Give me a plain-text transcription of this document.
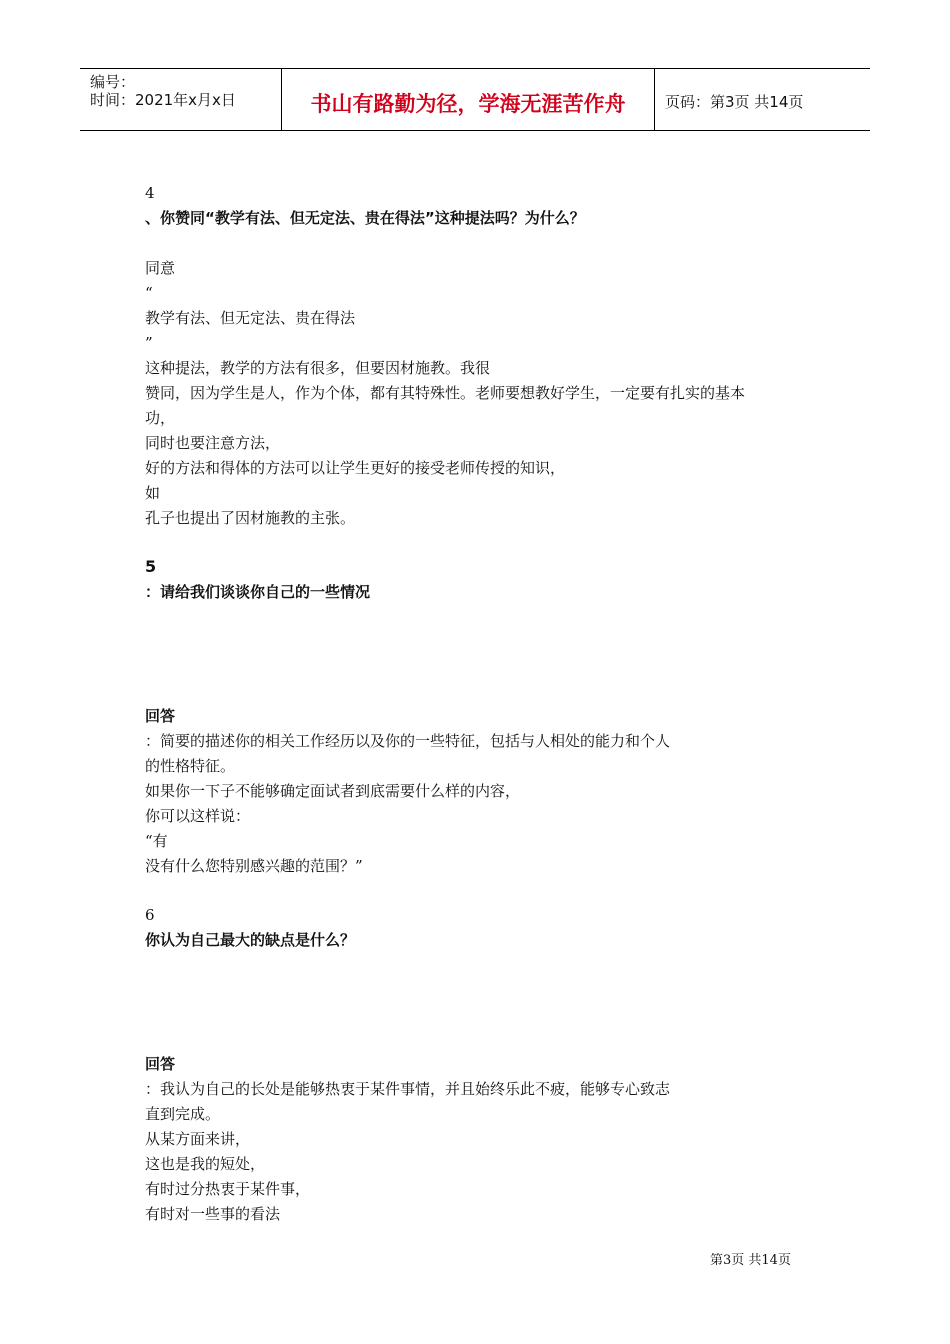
编号：
时间：2021年x月x日	书山有路勤为径，学海无涯苦作舟	页码：第3页 共14页
4
、你赞同“教学有法、但无定法、贵在得法”这种提法吗？为什么？
同意
“
教学有法、但无定法、贵在得法
”
这种提法，教学的方法有很多，但要因材施教。我很
赞同，因为学生是人，作为个体，都有其特殊性。老师要想教好学生，一定要有扎实的基本
功，
同时也要注意方法，
好的方法和得体的方法可以让学生更好的接受老师传授的知识，
如
孔子也提出了因材施教的主张。
5
：请给我们谈谈你自己的一些情况
回答
：简要的描述你的相关工作经历以及你的一些特征，包括与人相处的能力和个人
的性格特征。
如果你一下子不能够确定面试者到底需要什么样的内容，
你可以这样说：
“有
没有什么您特别感兴趣的范围？”
6
你认为自己最大的缺点是什么？
回答
：我认为自己的长处是能够热衷于某件事情，并且始终乐此不疲，能够专心致志
直到完成。
从某方面来讲，
这也是我的短处，
有时过分热衷于某件事，
有时对一些事的看法
第3页 共14页
